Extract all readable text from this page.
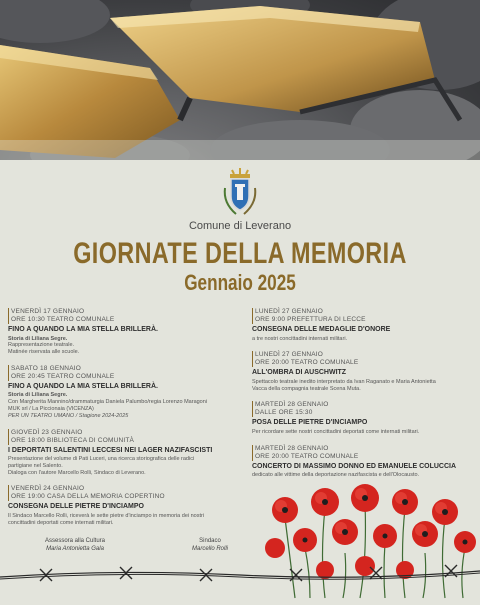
Comune di Leverano
GIORNATE DELLA MEMORIA
Gennaio 2025
VENERDÌ 17 GENNAIO
ORE 10:30 TEATRO COMUNALE
FINO A QUANDO LA MIA STELLA BRILLERÀ.
Storia di Liliana Segre.
Rappresentazione teatrale.
Matinée riservata alle scuole.
SABATO 18 GENNAIO
ORE 20:45 TEATRO COMUNALE
FINO A QUANDO LA MIA STELLA BRILLERÀ.
Storia di Liliana Segre.
Con Margherita Mannino/drammaturgia Daniela Palumbo/regia Lorenzo Maragoni
MUK srl / La Piccionaia (VICENZA)
PER UN TEATRO UMANO / Stagione 2024-2025
GIOVEDÌ 23 GENNAIO
ORE 18:00 BIBLIOTECA DI COMUNITÀ
I DEPORTATI SALENTINI LECCESI NEI LAGER NAZIFASCISTI
Presentazione del volume di Pati Luceri, una ricerca storiografica delle radici
partigiane nel Salento.
Dialoga con l'autore Marcello Rolli, Sindaco di Leverano.
VENERDÌ 24 GENNAIO
ORE 19:00 CASA DELLA MEMORIA COPERTINO
CONSEGNA DELLE PIETRE D'INCIAMPO
Il Sindaco Marcello Rolli, riceverà le sette pietre d'inciampo in memoria dei nostri
concittadini deportati come internati militari.
LUNEDÌ 27 GENNAIO
ORE 9:00 PREFETTURA DI LECCE
CONSEGNA DELLE MEDAGLIE D'ONORE
a tre nostri concittadini internati militari.
LUNEDÌ 27 GENNAIO
ORE 20:00 TEATRO COMUNALE
ALL'OMBRA DI AUSCHWITZ
Spettacolo teatrale inedito interpretato da Ivan Raganato e Maria Antonietta
Vacca della compagnia teatrale Scena Muta.
MARTEDÌ 28 GENNAIO
DALLE ORE 15:30
POSA DELLE PIETRE D'INCIAMPO
Per ricordare sette nostri concittadini deportati come internati militari.
MARTEDÌ 28 GENNAIO
ORE 20:00 TEATRO COMUNALE
CONCERTO DI MASSIMO DONNO ED EMANUELE COLUCCIA
dedicato alle vittime della deportazione nazifascista e dell'Olocausto.
Assessora alla Cultura
Maria Antonietta Gala
Sindaco
Marcello Rolli
